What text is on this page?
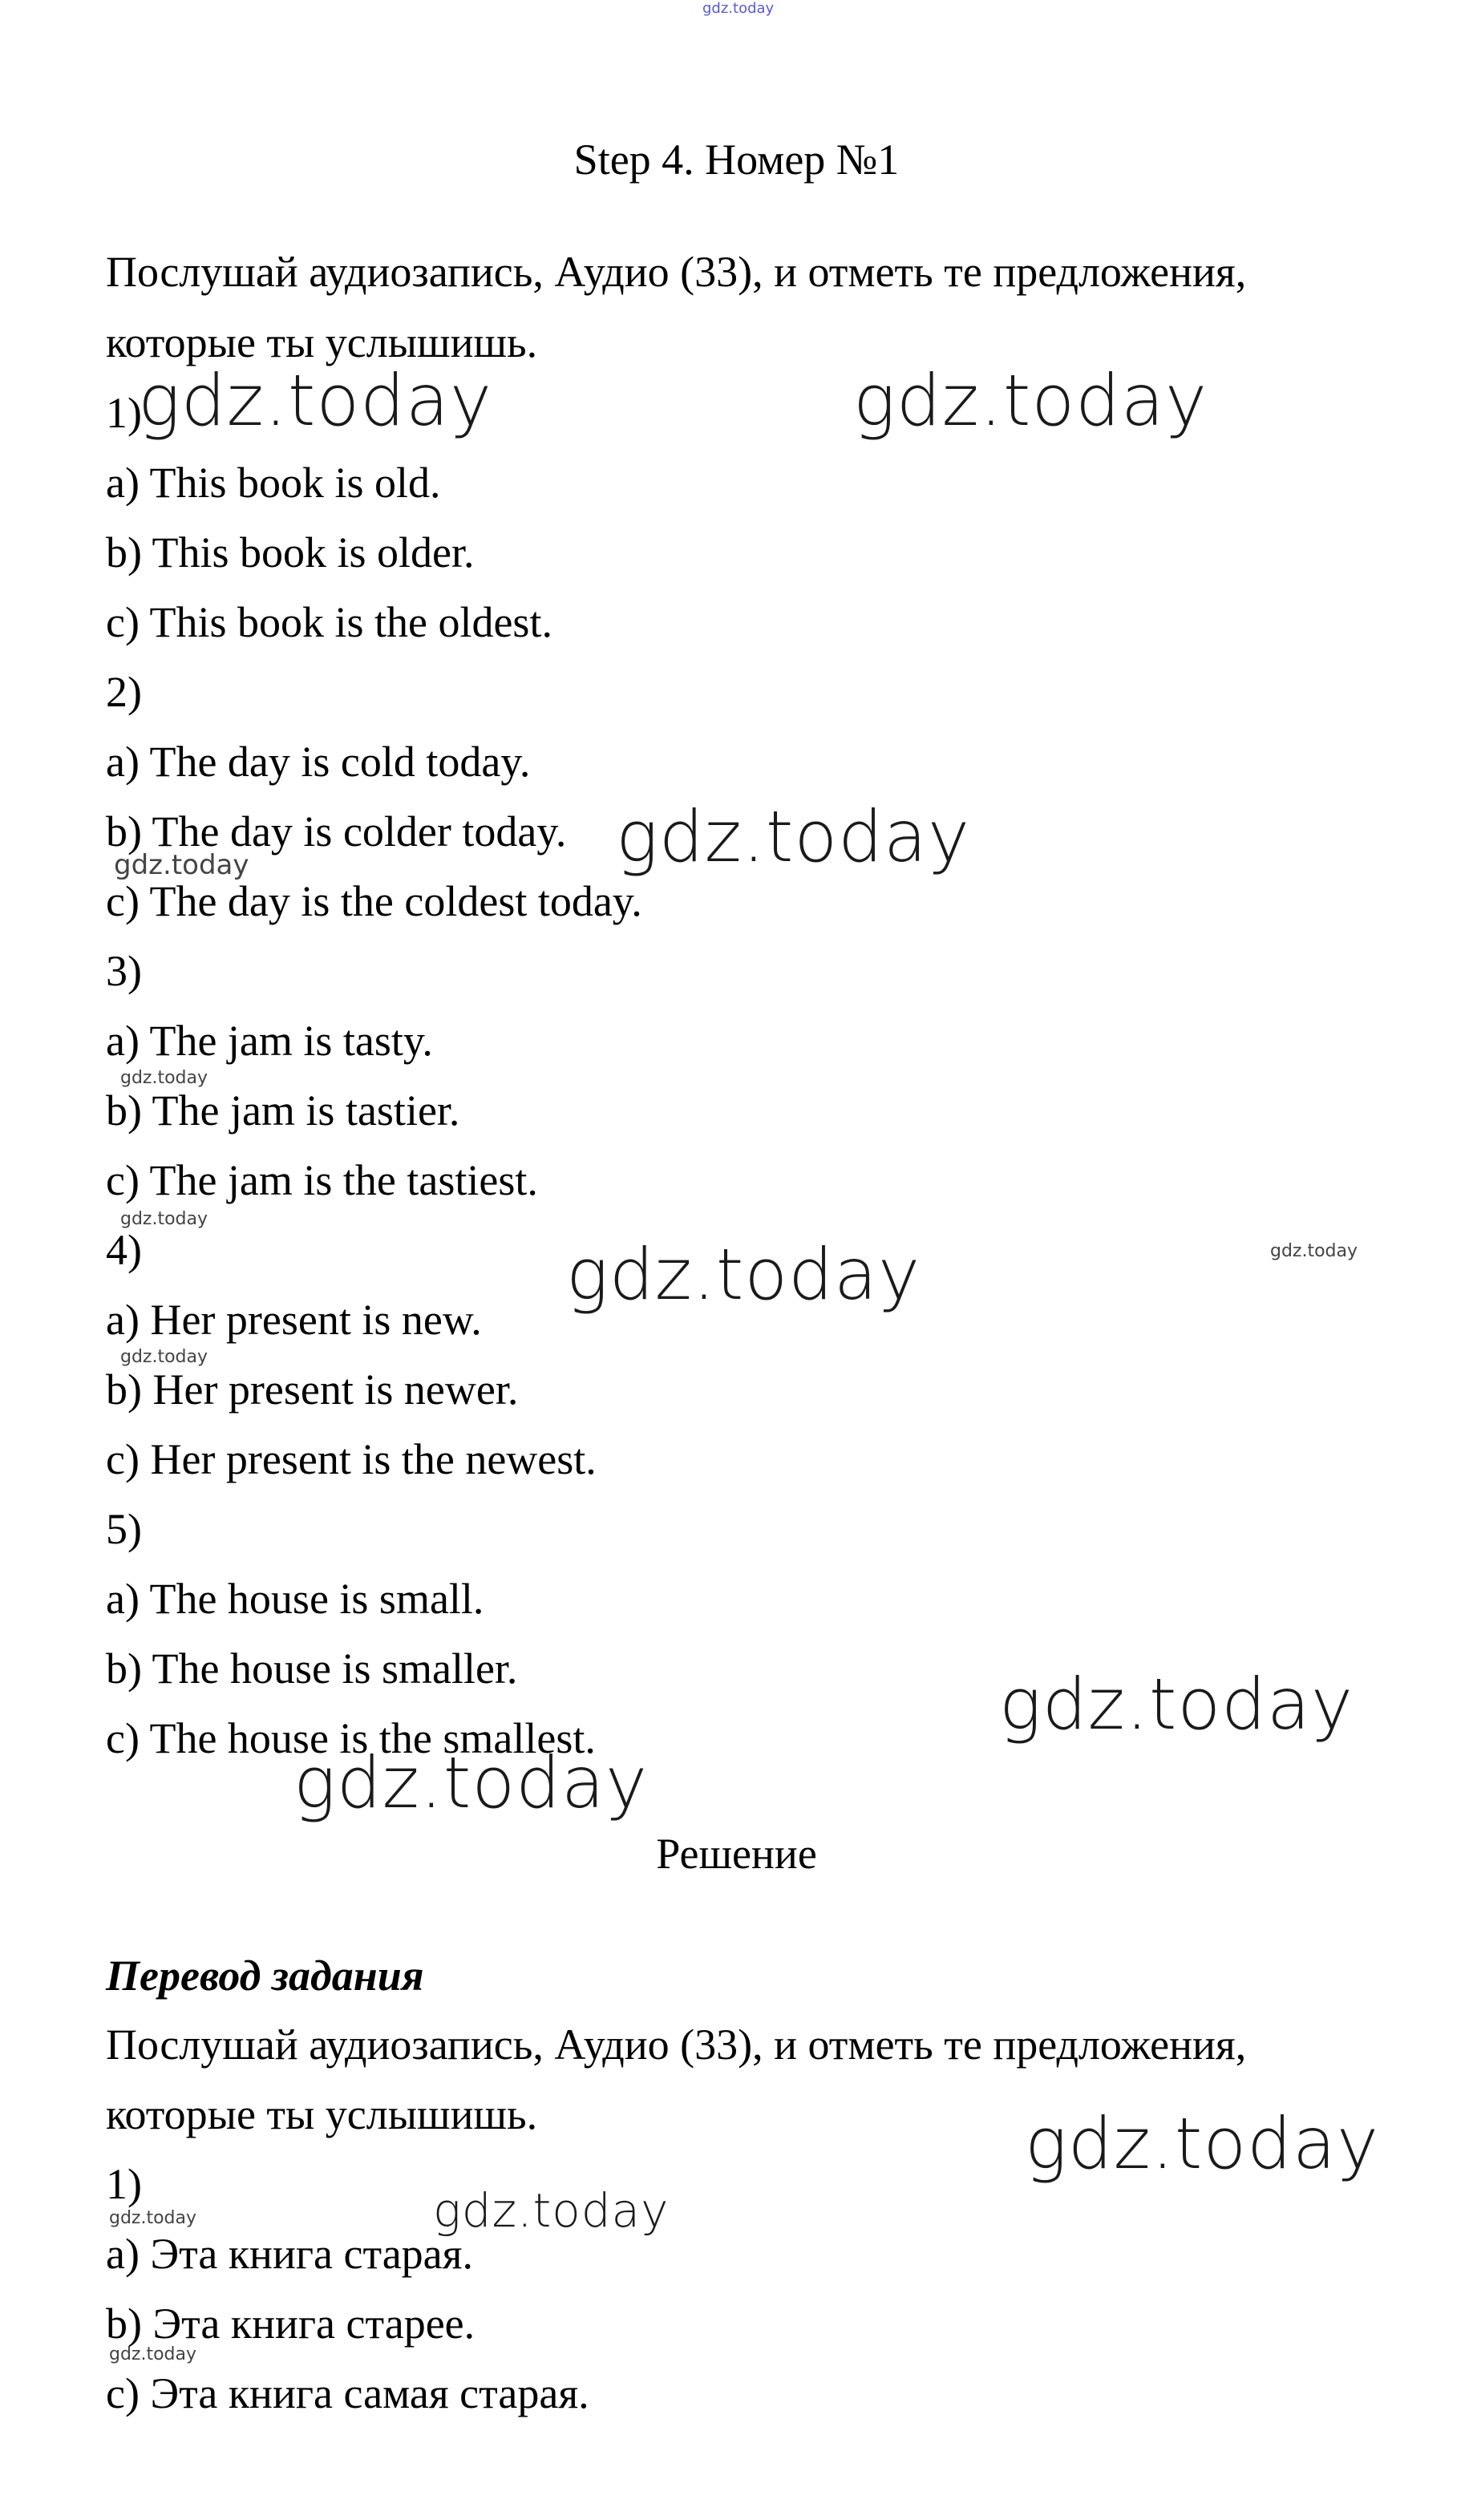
Step 4. Номер №1
Послушай аудиозапись, Аудио (33), и отметь те предложения,
которые ты услышишь.
1)
a) This book is old.
b) This book is older.
c) This book is the oldest.
2)
a) The day is cold today.
b) The day is colder today.
c) The day is the coldest today.
3)
a) The jam is tasty.
b) The jam is tastier.
c) The jam is the tastiest.
4)
a) Her present is new.
b) Her present is newer.
c) Her present is the newest.
5)
a) The house is small.
b) The house is smaller.
c) The house is the smallest.
Решение
Перевод задания
Послушай аудиозапись, Аудио (33), и отметь те предложения,
которые ты услышишь.
1)
a) Эта книга старая.
b) Эта книга старее.
c) Эта книга самая старая.
gdz.today
gdz.today	gdz.today
gdz.today
gdz.today
gdz.today
gdz.today
gdz.today
gdz.today
gdz.today
gdz.today
gdz.today
gdz.today
gdz.today
gdz.today
gdz.today
